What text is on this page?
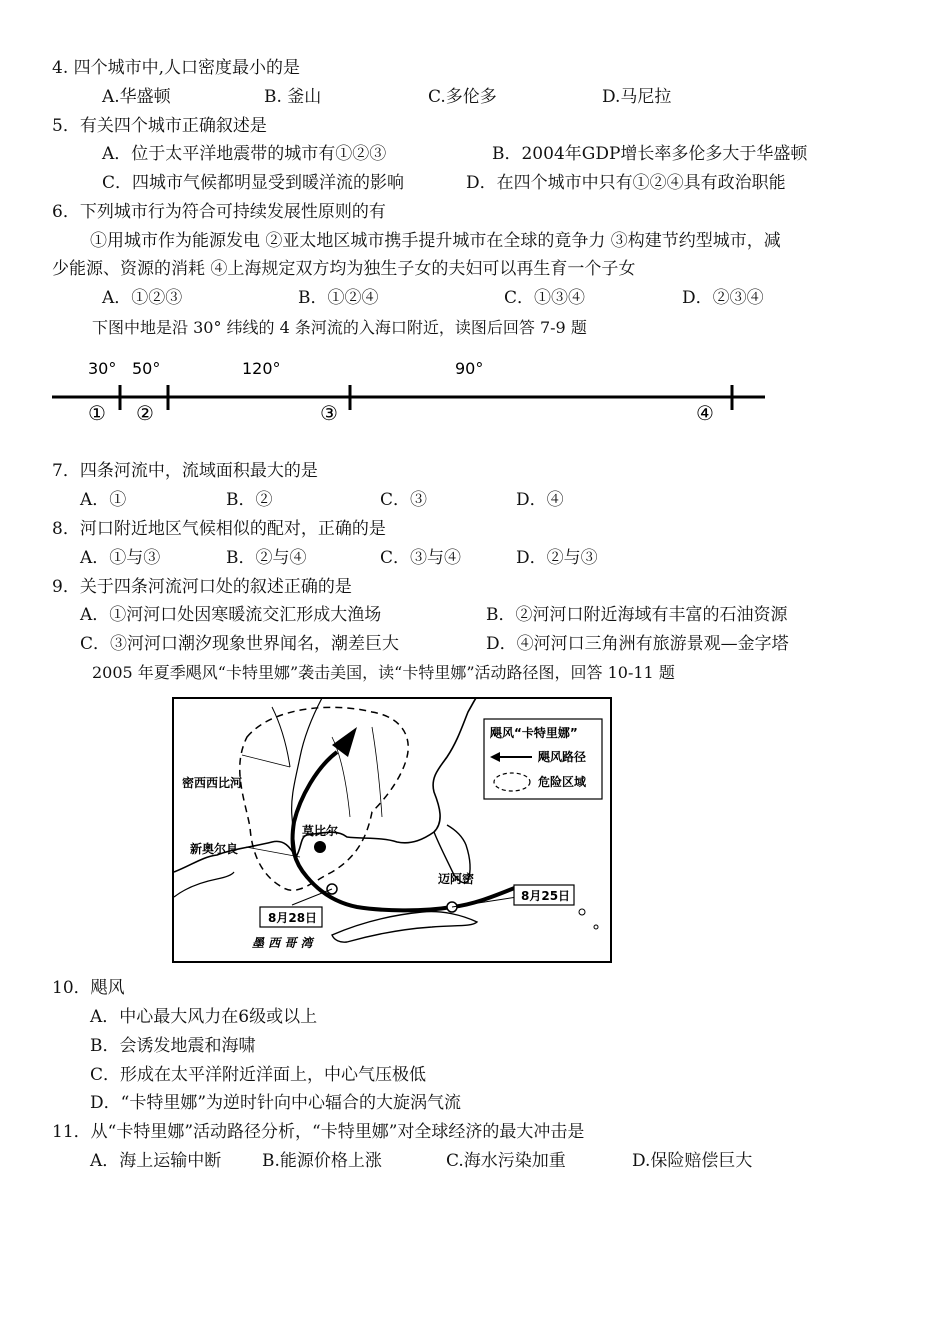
4. 四个城市中,人口密度最小的是
A.华盛顿	B. 釜山	C.多伦多	D.马尼拉
5．有关四个城市正确叙述是
A．位于太平洋地震带的城市有①②③	B．2004年GDP增长率多伦多大于华盛顿
C．四城市气候都明显受到暖洋流的影响	D．在四个城市中只有①②④具有政治职能
6．下列城市行为符合可持续发展性原则的有
①用城市作为能源发电 ②亚太地区城市携手提升城市在全球的竟争力 ③构建节约型城市，减
少能源、资源的消耗 ④上海规定双方均为独生子女的夫妇可以再生育一个子女
A．①②③	B．①②④	C．①③④	D．②③④
下图中地是沿 30° 纬线的 4 条河流的入海口附近，读图后回答 7-9 题
30° 50°	120°	90°
① ②	③	④
7．四条河流中，流域面积最大的是
A．①	B．②	C．③	D．④
8．河口附近地区气候相似的配对，正确的是
A．①与③	B．②与④	C．③与④	D．②与③
9．关于四条河流河口处的叙述正确的是
A．①河河口处因寒暖流交汇形成大渔场	B．②河河口附近海域有丰富的石油资源
C．③河河口潮汐现象世界闻名，潮差巨大	D．④河河口三角洲有旅游景观—金字塔
2005 年夏季飓风“卡特里娜”袭击美国，读“卡特里娜”活动路径图，回答 10-11 题
8月25日
8月28日
密西西比河
莫比尔
新奥尔良
迈阿密
墨 西 哥 湾
飓风“卡特里娜”
飓风路径
危险区域
10．飓风
A．中心最大风力在6级或以上
B．会诱发地震和海啸
C．形成在太平洋附近洋面上，中心气压极低
D．“卡特里娜”为逆时针向中心辐合的大旋涡气流
11．从“卡特里娜”活动路径分析，“卡特里娜”对全球经济的最大冲击是
A．海上运输中断 B.能源价格上涨	C.海水污染加重	D.保险赔偿巨大
